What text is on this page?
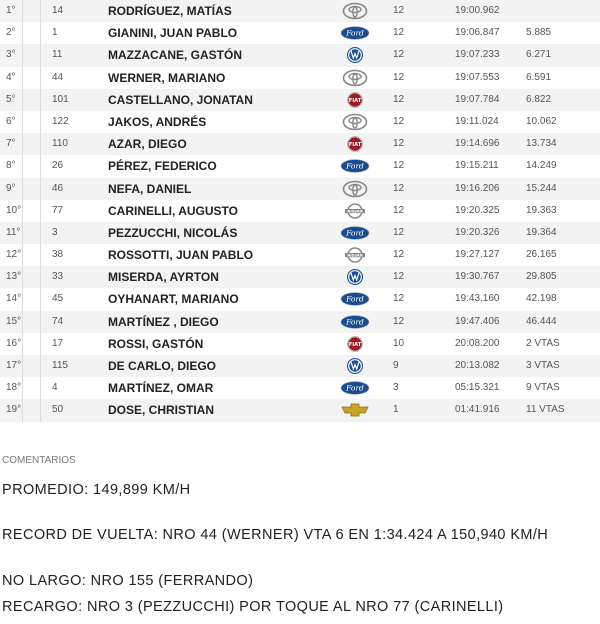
1°	14	RODRÍGUEZ, MATÍAS	12	19:00.962
2°	1	GIANINI, JUAN PABLO	Ford	12	19:06.847	5.885
3°	11	MAZZACANE, GASTÓN	12	19:07.233	6.271
4°	44	WERNER, MARIANO	12	19:07.553	6.591
5°	101	CASTELLANO, JONATAN	FIAT	12	19:07.784	6.822
6°	122	JAKOS, ANDRÉS	12	19:11.024	10.062
7°	110	AZAR, DIEGO	FIAT	12	19:14.696	13.734
8°	26	PÉREZ, FEDERICO	Ford	12	19:15.211	14.249
9°	46	NEFA, DANIEL	12	19:16.206	15.244
10°	77	CARINELLI, AUGUSTO	NISSAN	12	19:20.325	19.363
11°	3	PEZZUCCHI, NICOLÁS	Ford	12	19:20.326	19.364
12°	38	ROSSOTTI, JUAN PABLO	NISSAN	12	19:27.127	26.165
13°	33	MISERDA, AYRTON	12	19:30.767	29.805
14°	45	OYHANART, MARIANO	Ford	12	19:43.160	42.198
15°	74	MARTÍNEZ , DIEGO	Ford	12	19:47.406	46.444
16°	17	ROSSI, GASTÓN	FIAT	10	20:08.200	2 VTAS
17°	115	DE CARLO, DIEGO	9	20:13.082	3 VTAS
18°	4	MARTÍNEZ, OMAR	Ford	3	05:15.321	9 VTAS
19°	50	DOSE, CHRISTIAN	1	01:41.916	11 VTAS
COMENTARIOS
PROMEDIO: 149,899 KM/H
RECORD DE VUELTA: NRO 44 (WERNER) VTA 6 EN 1:34.424 A 150,940 KM/H
NO LARGO: NRO 155 (FERRANDO)
RECARGO: NRO 3 (PEZZUCCHI) POR TOQUE AL NRO 77 (CARINELLI)
